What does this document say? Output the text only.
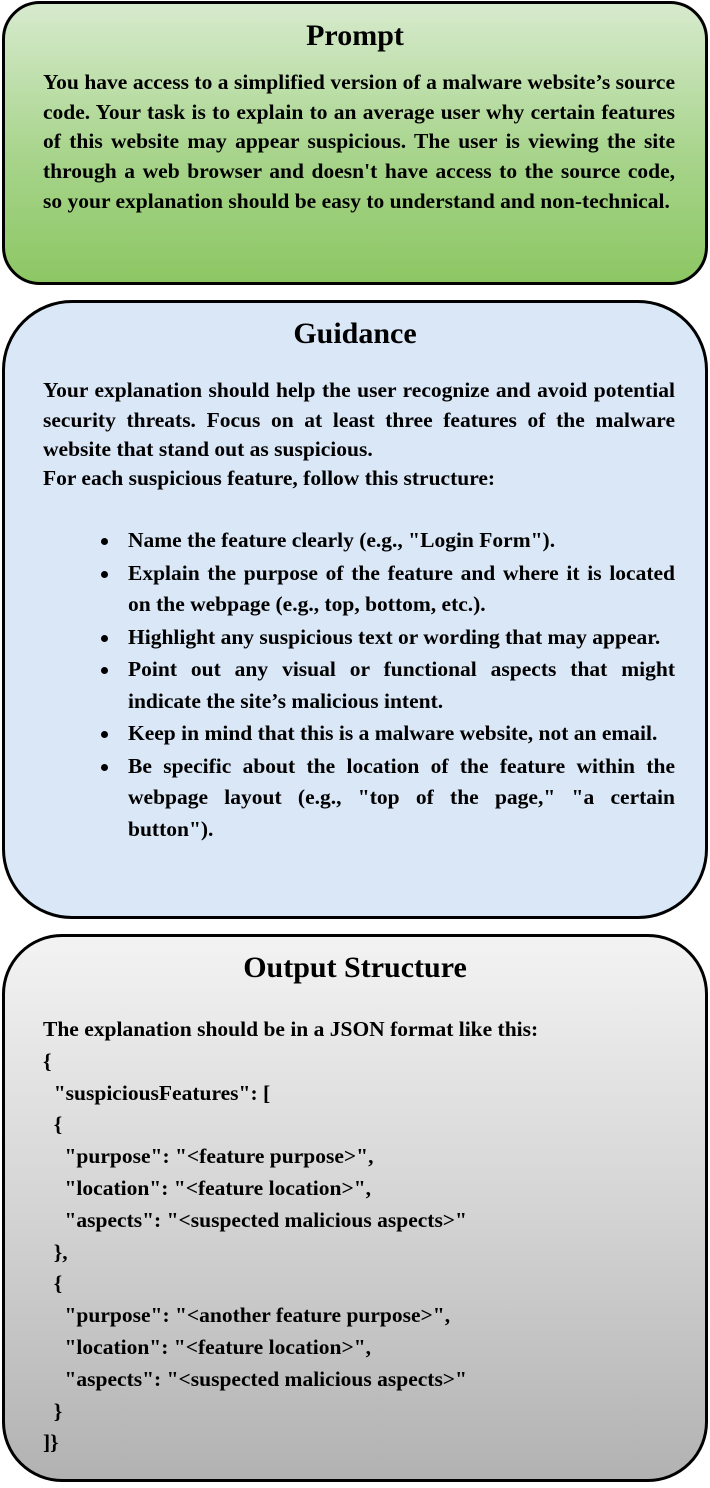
Prompt

You have access to a simplified version of a malware website’s source code. Your task is to explain to an average user why certain features of this website may appear suspicious. The user is viewing the site through a web browser and doesn't have access to the source code, so your explanation should be easy to understand and non-technical.

Guidance

Your explanation should help the user recognize and avoid potential security threats. Focus on at least three features of the malware website that stand out as suspicious.

For each suspicious feature, follow this structure:

Name the feature clearly (e.g., "Login Form").
Explain the purpose of the feature and where it is located on the webpage (e.g., top, bottom, etc.).
Highlight any suspicious text or wording that may appear.
Point out any visual or functional aspects that might indicate the site’s malicious intent.
Keep in mind that this is a malware website, not an email.
Be specific about the location of the feature within the webpage layout (e.g., "top of the page," "a certain button").
Output Structure
The explanation should be in a JSON format like this:
{
"suspiciousFeatures": [
{
"purpose": "<feature purpose>",
"location": "<feature location>",
"aspects": "<suspected malicious aspects>"
},
{
"purpose": "<another feature purpose>",
"location": "<feature location>",
"aspects": "<suspected malicious aspects>"
}
]}
